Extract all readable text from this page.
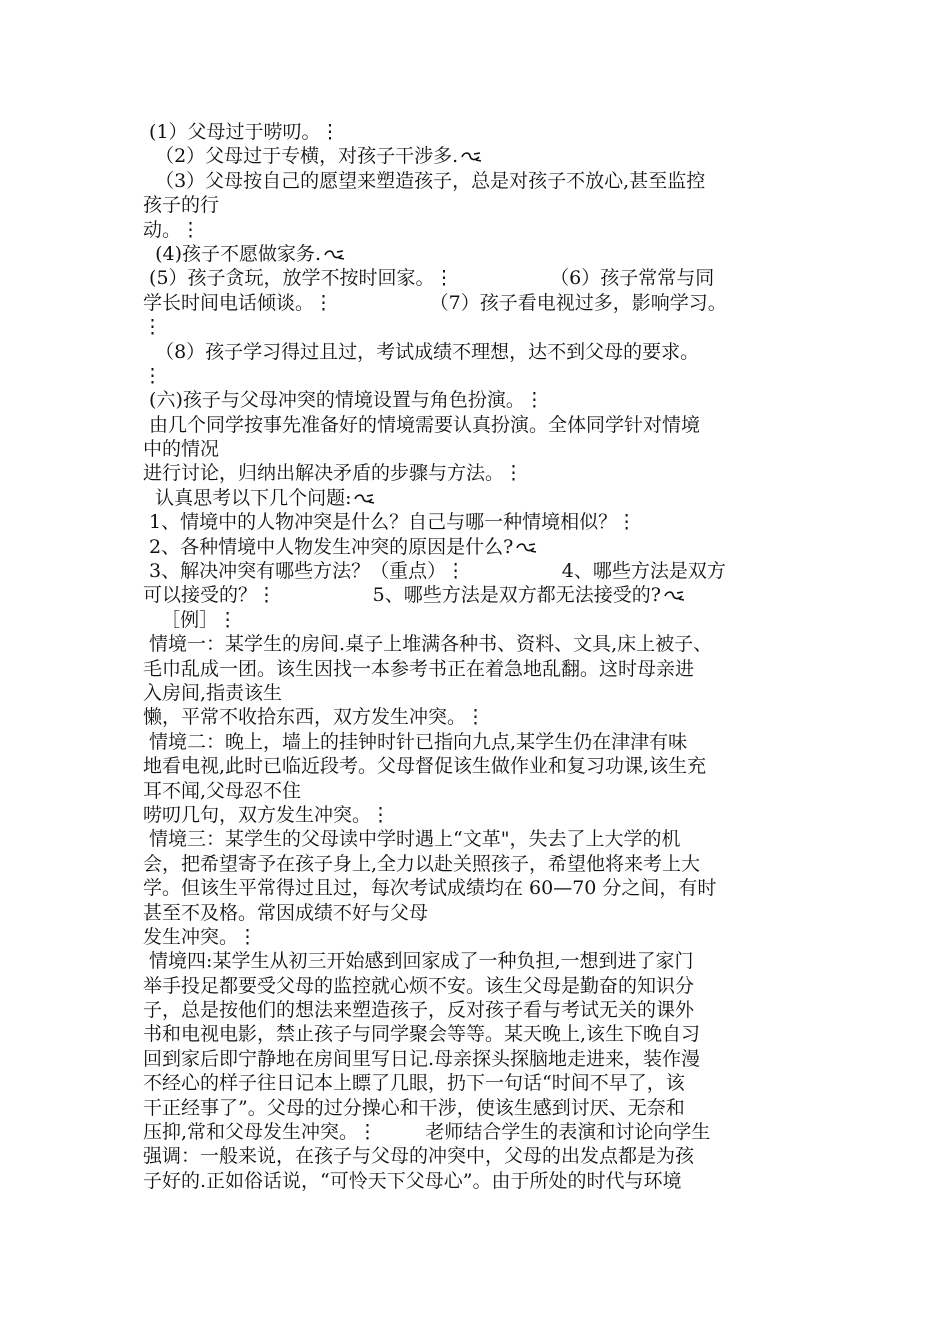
(1）父母过于唠叨。⋮
（2）父母过于专横，对孩子干涉多.
（3）父母按自己的愿望来塑造孩子，总是对孩子不放心,甚至监控
孩子的行
动。⋮
(4)孩子不愿做家务.
(5）孩子贪玩，放学不按时回家。⋮                （6）孩子常常与同
学长时间电话倾谈。⋮                （7）孩子看电视过多，影响学习。
⋮
（8）孩子学习得过且过，考试成绩不理想，达不到父母的要求。
⋮
(六)孩子与父母冲突的情境设置与角色扮演。⋮
由几个同学按事先准备好的情境需要认真扮演。全体同学针对情境
中的情况
进行讨论，归纳出解决矛盾的步骤与方法。⋮
认真思考以下几个问题:
1、情境中的人物冲突是什么？自己与哪一种情境相似？⋮
2、各种情境中人物发生冲突的原因是什么?
3、解决冲突有哪些方法？（重点）⋮                4、哪些方法是双方
可以接受的？⋮                5、哪些方法是双方都无法接受的?
［例］⋮
情境一：某学生的房间.桌子上堆满各种书、资料、文具,床上被子、
毛巾乱成一团。该生因找一本参考书正在着急地乱翻。这时母亲进
入房间,指责该生
懒，平常不收拾东西，双方发生冲突。⋮
情境二：晚上，墙上的挂钟时针已指向九点,某学生仍在津津有味
地看电视,此时已临近段考。父母督促该生做作业和复习功课,该生充
耳不闻,父母忍不住
唠叨几句，双方发生冲突。⋮
情境三：某学生的父母读中学时遇上“文革"，失去了上大学的机
会，把希望寄予在孩子身上,全力以赴关照孩子，希望他将来考上大
学。但该生平常得过且过，每次考试成绩均在 60—70 分之间，有时
甚至不及格。常因成绩不好与父母
发生冲突。⋮
情境四:某学生从初三开始感到回家成了一种负担,一想到进了家门
举手投足都要受父母的监控就心烦不安。该生父母是勤奋的知识分
子，总是按他们的想法来塑造孩子，反对孩子看与考试无关的课外
书和电视电影，禁止孩子与同学聚会等等。某天晚上,该生下晚自习
回到家后即宁静地在房间里写日记.母亲探头探脑地走进来，装作漫
不经心的样子往日记本上瞟了几眼，扔下一句话“时间不早了，该
干正经事了”。父母的过分操心和干涉，使该生感到讨厌、无奈和
压抑,常和父母发生冲突。⋮        老师结合学生的表演和讨论向学生
强调：一般来说，在孩子与父母的冲突中，父母的出发点都是为孩
子好的.正如俗话说，“可怜天下父母心”。由于所处的时代与环境
